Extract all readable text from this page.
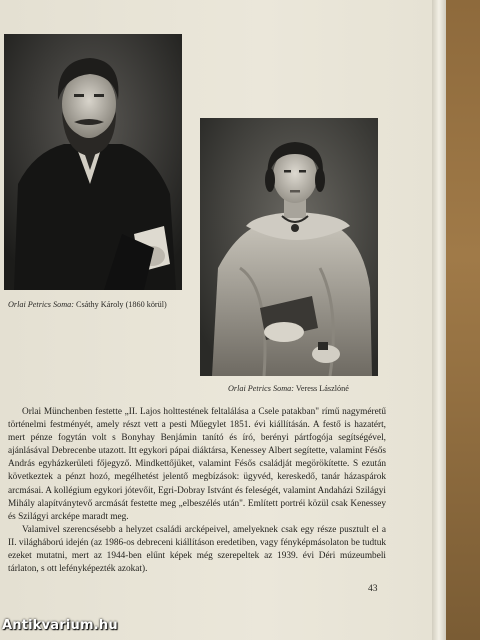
Orlai Petrics Soma: Csáthy Károly (1860 körül)
Orlai Petrics Soma: Veress Lászlóné

Orlai Münchenben festette „II. Lajos holttestének feltalálása a Csele patakban" rímű nagyméretű történelmi festményét, amely részt vett a pesti Műegylet 1851. évi kiállításán. A festő is hazatért, mert pénze fogytán volt s Bonyhay Benjámin tanító és író, berényi pártfogója segítségével, ajánlásával Debrecenbe utazott. Itt egykori pápai diáktársa, Kenessey Albert segítette, valamint Fésős András egyházkerületi főjegyző. Mindkettőjüket, valamint Fésős családját megörökítette. S ezután következtek a pénzt hozó, megélhetést jelentő megbízások: ügyvéd, kereskedő, tanár házaspárok arcmásai. A kollégium egykori jótevőit, Egri-Dobray Istvánt és feleségét, valamint Andaházi Szilágyi Mihály alapítványtevő arcmását festette meg „elbeszélés után". Említett portréi közül csak Kenessey és Szilágyi arcképe maradt meg.

Valamivel szerencsésebb a helyzet családi arcképeivel, amelyeknek csak egy része pusztult el a II. világháború idején (az 1986-os debreceni kiállításon eredetiben, vagy fényképmásolaton be tudtuk ezeket mutatni, mert az 1944-ben elűnt képek még szerepeltek az 1939. évi Déri múzeumbeli tárlaton, s ott lefényképezték azokat).

43
Antikvarium.hu
